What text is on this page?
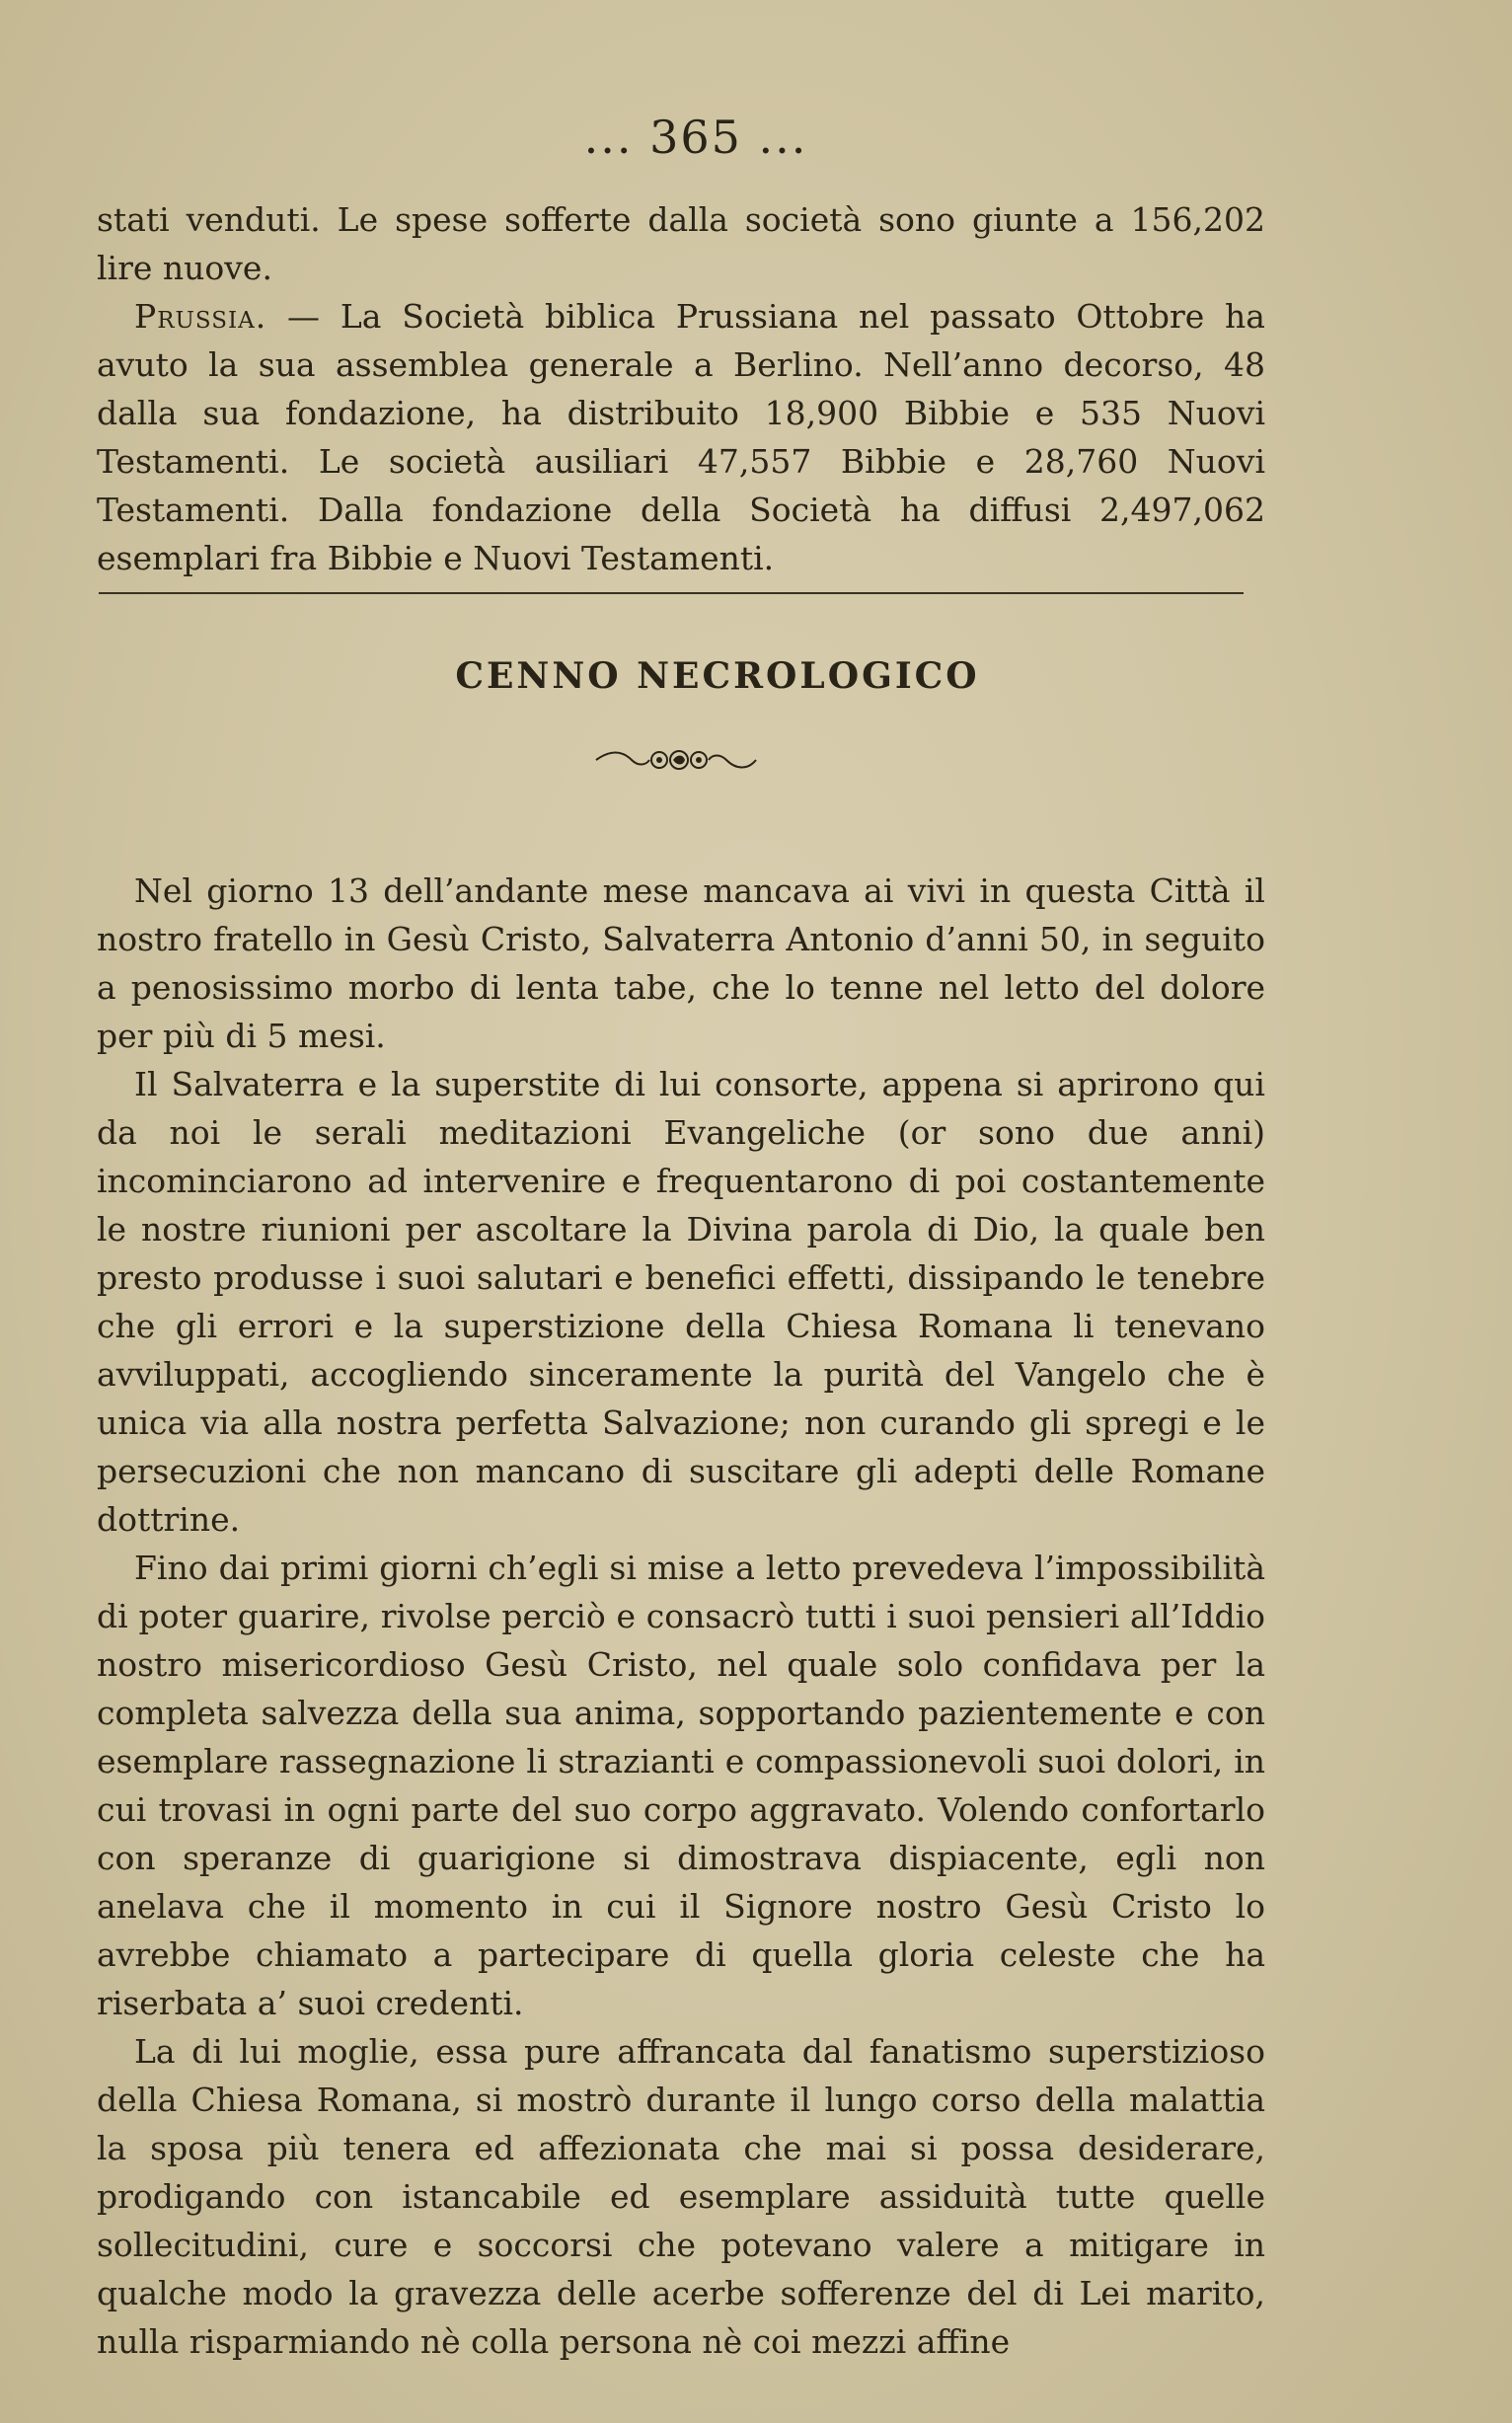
... 365 ...

stati venduti. Le spese sofferte dalla società sono giunte a 156,202 lire nuove.

Prussia. — La Società biblica Prussiana nel passato Ottobre ha avuto la sua assemblea generale a Berlino. Nell’anno decorso, 48 dalla sua fondazione, ha distribuito 18,900 Bibbie e 535 Nuovi Testamenti. Le società ausiliari 47,557 Bibbie e 28,760 Nuovi Testamenti. Dalla fondazione della Società ha diffusi 2,497,062 esemplari fra Bibbie e Nuovi Testamenti.

CENNO NECROLOGICO

Nel giorno 13 dell’andante mese mancava ai vivi in questa Città il nostro fratello in Gesù Cristo, Salvaterra Antonio d’anni 50, in seguito a penosissimo morbo di lenta tabe, che lo tenne nel letto del dolore per più di 5 mesi.

Il Salvaterra e la superstite di lui consorte, appena si aprirono qui da noi le serali meditazioni Evangeliche (or sono due anni) incominciarono ad intervenire e frequentarono di poi costantemente le nostre riunioni per ascoltare la Divina parola di Dio, la quale ben presto produsse i suoi salutari e benefici effetti, dissipando le tenebre che gli errori e la superstizione della Chiesa Romana li tenevano avviluppati, accogliendo sinceramente la purità del Vangelo che è unica via alla nostra perfetta Salvazione; non curando gli spregi e le persecuzioni che non mancano di suscitare gli adepti delle Romane dottrine.

Fino dai primi giorni ch’egli si mise a letto prevedeva l’impossibilità di poter guarire, rivolse perciò e consacrò tutti i suoi pensieri all’Iddio nostro misericordioso Gesù Cristo, nel quale solo confidava per la completa salvezza della sua anima, sopportando pazientemente e con esemplare rassegnazione li strazianti e compassionevoli suoi dolori, in cui trovasi in ogni parte del suo corpo aggravato. Volendo confortarlo con speranze di guarigione si dimostrava dispiacente, egli non anelava che il momento in cui il Signore nostro Gesù Cristo lo avrebbe chiamato a partecipare di quella gloria celeste che ha riserbata a’ suoi credenti.

La di lui moglie, essa pure affrancata dal fanatismo superstizioso della Chiesa Romana, si mostrò durante il lungo corso della malattia la sposa più tenera ed affezionata che mai si possa desiderare, prodigando con istancabile ed esemplare assiduità tutte quelle sollecitudini, cure e soccorsi che potevano valere a mitigare in qualche modo la gravezza delle acerbe sofferenze del di Lei marito, nulla risparmiando nè colla persona nè coi mezzi affine
